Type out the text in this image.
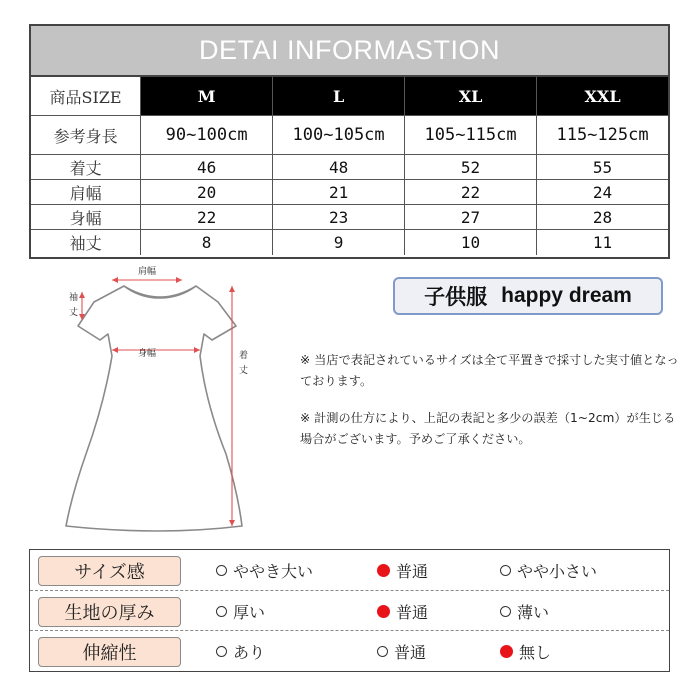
DETAI INFORMASTION
商品SIZE	M	L	XL	XXL
参考身長	90~100cm	100~105cm	105~115cm	115~125cm
着丈	46	48	52	55
肩幅	20	21	22	24
身幅	22	23	27	28
袖丈	8	9	10	11
肩幅
袖丈
身幅	着丈
子供服 happy dream
※ 当店で表記されているサイズは全て平置きで採寸した実寸値となっております。
※ 計測の仕方により、上記の表記と多少の誤差（1~2cm）が生じる場合がございます。予めご了承ください。
サイズ感	ややき大い	普通	やや小さい
生地の厚み	厚い	普通	薄い
伸縮性	あり	普通	無し
